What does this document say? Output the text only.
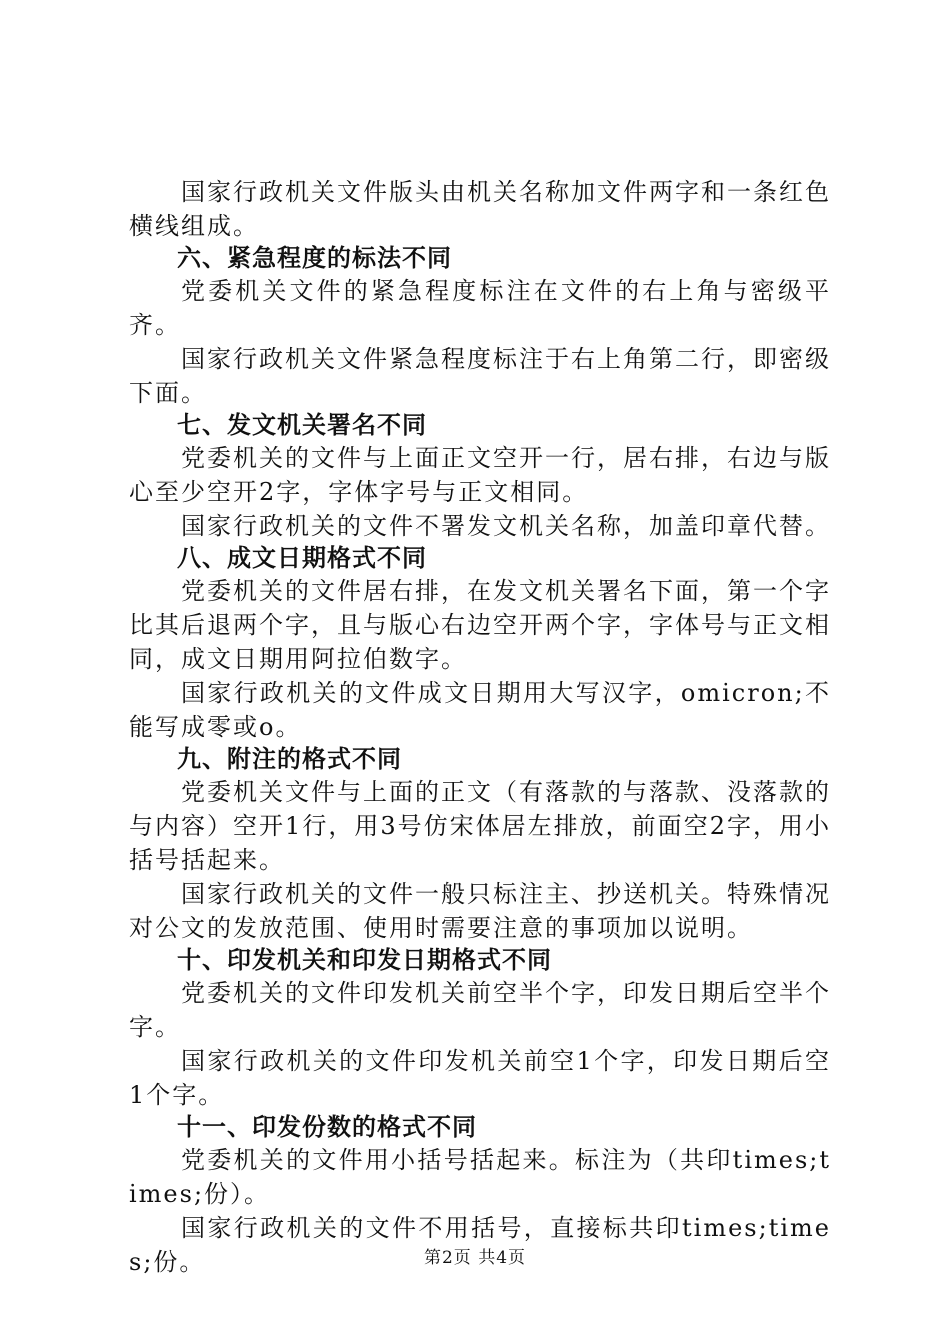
国家行政机关文件版头由机关名称加文件两字和一条红色横线组成。

六、紧急程度的标法不同

党委机关文件的紧急程度标注在文件的右上角与密级平齐。

国家行政机关文件紧急程度标注于右上角第二行，即密级下面。

七、发文机关署名不同

党委机关的文件与上面正文空开一行，居右排，右边与版心至少空开2字，字体字号与正文相同。

国家行政机关的文件不署发文机关名称，加盖印章代替。

八、成文日期格式不同

党委机关的文件居右排，在发文机关署名下面，第一个字比其后退两个字，且与版心右边空开两个字，字体号与正文相同，成文日期用阿拉伯数字。

国家行政机关的文件成文日期用大写汉字，omicron;不能写成零或o。

九、附注的格式不同

党委机关文件与上面的正文（有落款的与落款、没落款的与内容）空开1行，用3号仿宋体居左排放，前面空2字，用小括号括起来。

国家行政机关的文件一般只标注主、抄送机关。特殊情况对公文的发放范围、使用时需要注意的事项加以说明。

十、印发机关和印发日期格式不同

党委机关的文件印发机关前空半个字，印发日期后空半个字。

国家行政机关的文件印发机关前空1个字，印发日期后空1个字。

十一、印发份数的格式不同

党委机关的文件用小括号括起来。标注为（共印times;times;份）。

国家行政机关的文件不用括号，直接标共印times;times;份。	第2页 共4页
